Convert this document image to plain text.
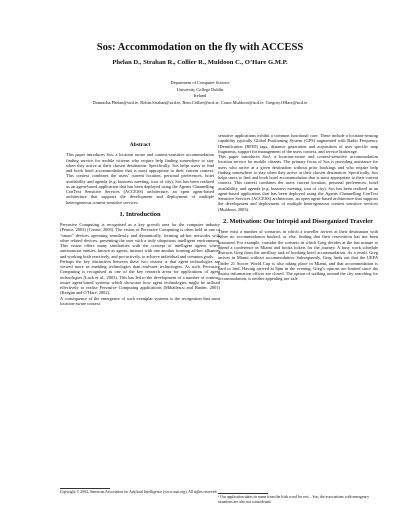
Sos: Accommodation on the fly with ACCESS
Phelan D., Strahan R., Collier R., Muldoon C., O’Hare G.M.P.
Department of Computer Science
University College Dublin
Ireland
Donnacha.Phelan@ucd.ie, Robin.Strahan@ucd.ie, Rem.Collier@ucd.ie, Conor.Muldoon@ucd.ie, Gregory.OHare@ucd.ie
Abstract

This paper introduces Sos, a location aware and context-sensitive accommodation finding service for mobile citizens who require help finding somewhere to stay when they arrive at their chosen destination. Specifically, Sos helps users to find and book hotel accommodation that is most appropriate to their current context. This context combines the users’ current location, personal preferences, hotel availability and agenda (e.g. business meeting, tour of city). Sos has been realized as an agent-based application that has been deployed using the Agents Channelling ConText Sensitive Services (ACCESS) architecture, an open agent-based architecture that supports the development and deployment of multiple heterogeneous context-sensitive services.

1. Introduction

Pervasive Computing is recognised as a key growth area for the computer industry (Pearce, 2003) (Crease, 2003). The vision of Pervasive Computing is often held as one of “smart” devices operating seamlessly and dynamically, forming ad-hoc networks with other related devices, presenting the user with a truly ubiquitous intelligent environment. This vision offers many similarities with the concept of intelligent agents where autonomous entities, known as agents, interact with one another forming ad-hoc alliances and working both reactively, and pro-actively, to achieve individual and common goals.
Perhaps the key distinction between these two visions is that agent technologies are viewed more as enabling technologies than end-user technologies. As such, Pervasive Computing is recognised as one of the key research areas for applications of agent technologies (Luck et al., 2003). This has led to the development of a number of context-aware agent-based systems which showcase how agent technologies might be utilised effectively to realise Pervasive Computing applications (Mihailescu and Binder, 2001) (Keegan and O’Hare, 2002).
A consequence of the emergence of such exemplar systems is the recognition that most location-aware context

sensitive applications exhibit a common functional core. These include a location-sensing capability typically Global Positioning System (GPS) augmented with Radio Frequency IDentification (RFID) tags, dynamic generation and acquisition of user specific map fragments, support for management of the users context, and service brokerage.
This paper introduces Sos¹, a location-aware and context-sensitive accommodation location service for mobile citizens. The primary focus of Sos is providing assistance for users who arrive at a given destination without prior bookings and who require help finding somewhere to stay when they arrive at their chosen destination. Specifically, Sos helps users to find and book hotel accommodation that is most appropriate to their current context. This context combines the users current location, personal preferences, hotel availability, and agenda (e.g. business meeting, tour of city). Sos has been realized as an agent-based application that has been deployed using the Agents Channelling ConText Sensitive Services (ACCESS) architecture, an open agent-based architecture that supports the development and deployment of multiple heterogeneous context sensitive services (Muldoon, 2003).

2. Motivation: Our Intrepid and Disorganized Traveler

There exist a number of scenarios in which a traveller arrives at their destination with either no accommodation booked, or else, finding that their reservation has not been honoured. For example, consider the scenario in which Greg decides at the last minute to attend a conference in Miami and books tickets for the journey. A busy work schedule distracts Greg from the ancillary task of booking hotel accommodation. As a result, Greg arrives in Miami without accommodation. Subsequently, Greg finds out that the UEFA Under 21 Soccer World Cup is also taking place in Miami, and that accommodation is hard to find. Having arrived at 8pm in the evening, Greg’s options are limited since the tourist information offices are closed. The option of walking around the city searching for accommodation, is neither appealing nor safe

Copyright © 2004, American Association for Artificial Intelligence (www.aaai.org). All rights reserved.
¹ Our application takes its name from the Irish word for rest – Sos; the associations with emergency situations are also not coincidental.
